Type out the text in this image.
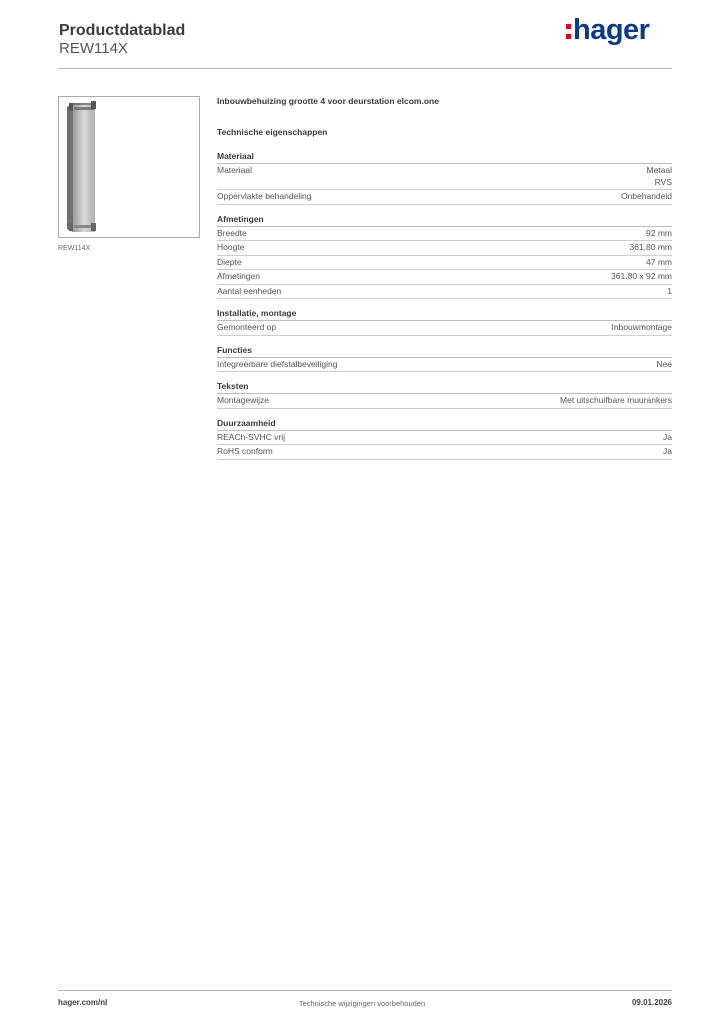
Productdatablad
REW114X
hager
REW114X
Inbouwbehuizing grootte 4 voor deurstation elcom.one
Technische eigenschappen
Materiaal
Materiaal	Metaal
RVS
Oppervlakte behandeling	Onbehandeld
Afmetingen
Breedte	92 mm
Hoogte	361,80 mm
Diepte	47 mm
Afmetingen	361.80 x 92 mm
Aantal eenheden	1
Installatie, montage
Gemonteerd op	Inbouwmontage
Functies
Integreerbare diefstalbeveiliging	Nee
Teksten
Montagewijze	Met uitschuifbare muurankers
Duurzaamheid
REACh-SVHC vrij	Ja
RoHS conform	Ja
hager.com/nl	Technische wijzigingen voorbehouden	09.01.2026
